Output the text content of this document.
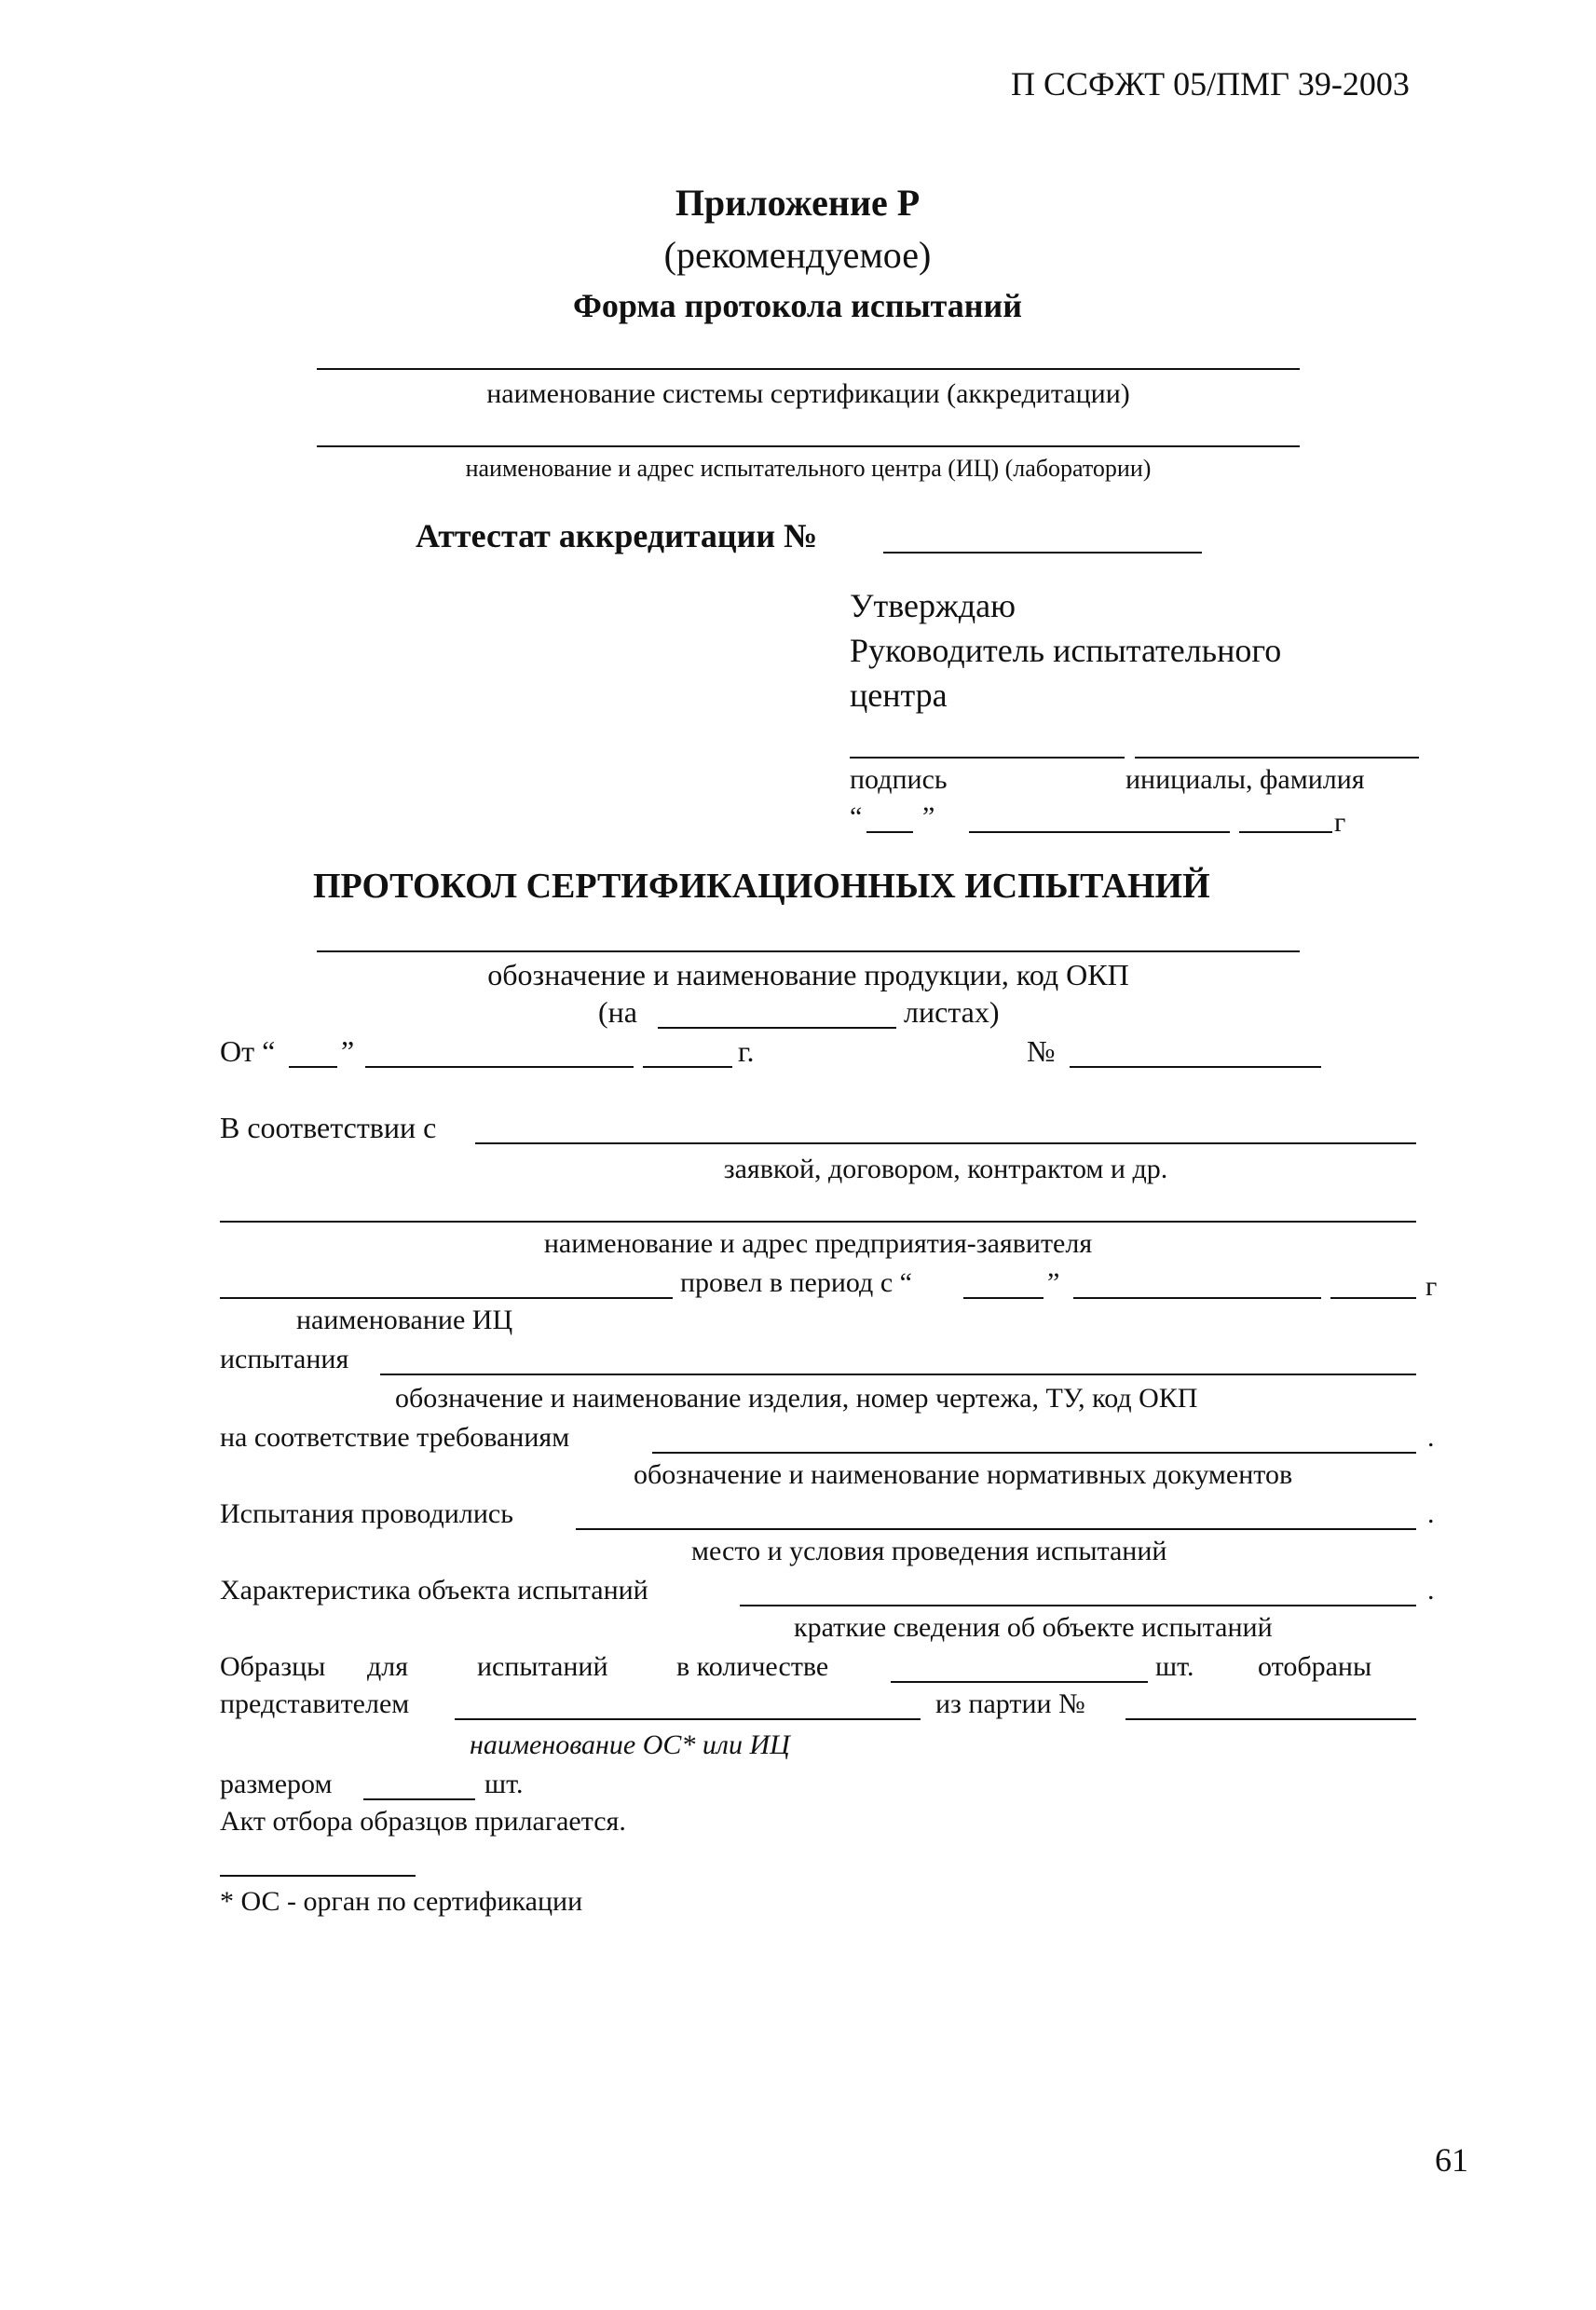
П ССФЖТ 05/ПМГ 39-2003
Приложение Р
(рекомендуемое)
Форма протокола испытаний
наименование системы сертификации (аккредитации)
наименование и адрес испытательного центра (ИЦ) (лаборатории)
Аттестат аккредитации №
Утверждаю
Руководитель испытательного
центра
подпись	инициалы, фамилия
“ ”	г
ПРОТОКОЛ СЕРТИФИКАЦИОННЫХ ИСПЫТАНИЙ
обозначение и наименование продукции, код ОКП
(на	листах)
От “ ”	г.	№
В соответствии с
заявкой, договором, контрактом и др.
наименование и адрес предприятия-заявителя
провел в период с “	”	г
наименование ИЦ
испытания
обозначение и наименование изделия, номер чертежа, ТУ, код ОКП
на соответствие требованиям	.
обозначение и наименование нормативных документов
Испытания проводились	.
место и условия проведения испытаний
Характеристика объекта испытаний	.
краткие сведения об объекте испытаний
Образцы для испытаний в количестве	шт. отобраны
представителем	из партии №
наименование ОС* или ИЦ
размером	шт.
Акт отбора образцов прилагается.
* ОС - орган по сертификации
61
